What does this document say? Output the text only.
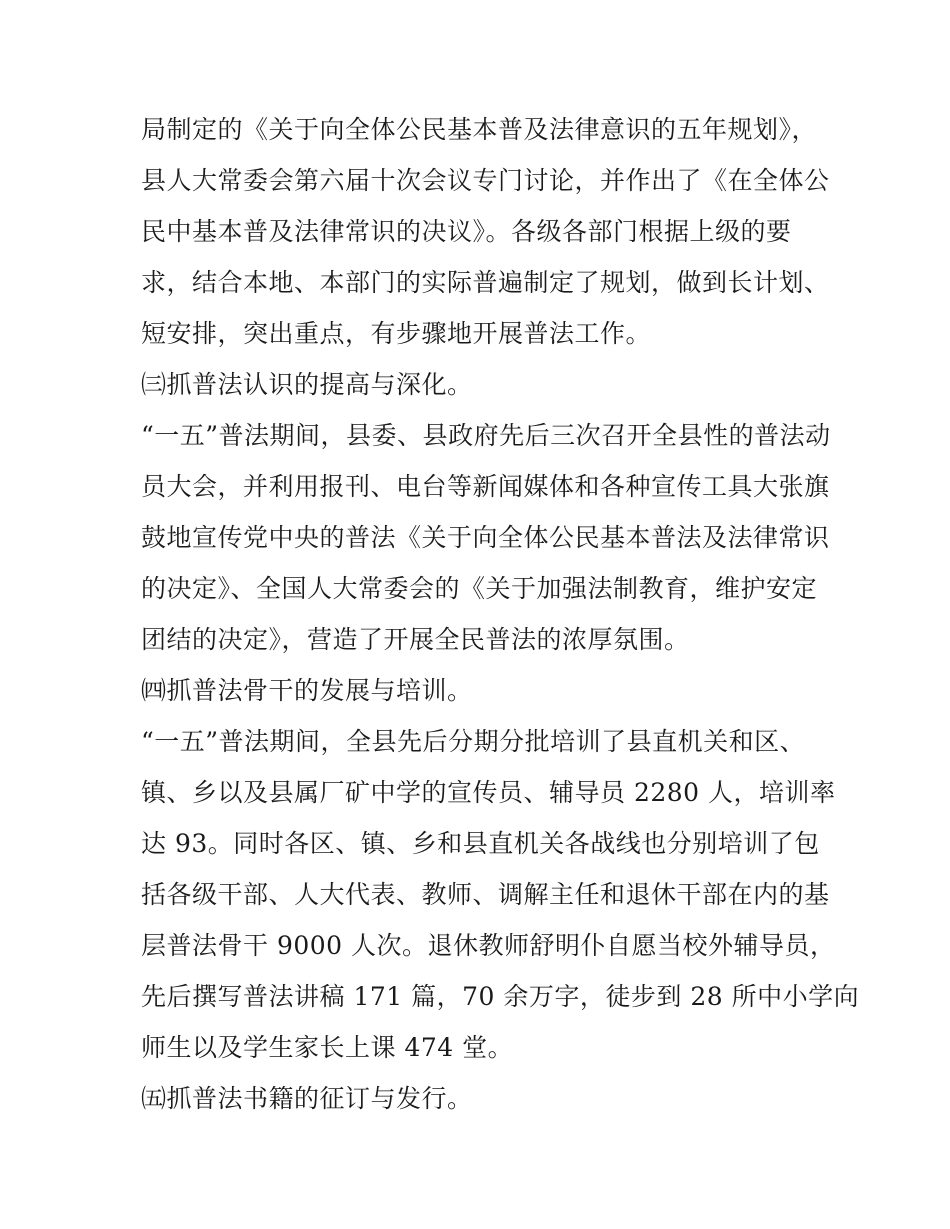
局制定的《关于向全体公民基本普及法律意识的五年规划》，
县人大常委会第六届十次会议专门讨论，并作出了《在全体公
民中基本普及法律常识的决议》。各级各部门根据上级的要
求，结合本地、本部门的实际普遍制定了规划，做到长计划、
短安排，突出重点，有步骤地开展普法工作。
㈢抓普法认识的提高与深化。
“一五”普法期间，县委、县政府先后三次召开全县性的普法动
员大会，并利用报刊、电台等新闻媒体和各种宣传工具大张旗
鼓地宣传党中央的普法《关于向全体公民基本普法及法律常识
的决定》、全国人大常委会的《关于加强法制教育，维护安定
团结的决定》，营造了开展全民普法的浓厚氛围。
㈣抓普法骨干的发展与培训。
“一五”普法期间，全县先后分期分批培训了县直机关和区、
镇、乡以及县属厂矿中学的宣传员、辅导员 2280 人，培训率
达 93。同时各区、镇、乡和县直机关各战线也分别培训了包
括各级干部、人大代表、教师、调解主任和退休干部在内的基
层普法骨干 9000 人次。退休教师舒明仆自愿当校外辅导员，
先后撰写普法讲稿 171 篇，70 余万字，徒步到 28 所中小学向
师生以及学生家长上课 474 堂。
㈤抓普法书籍的征订与发行。
